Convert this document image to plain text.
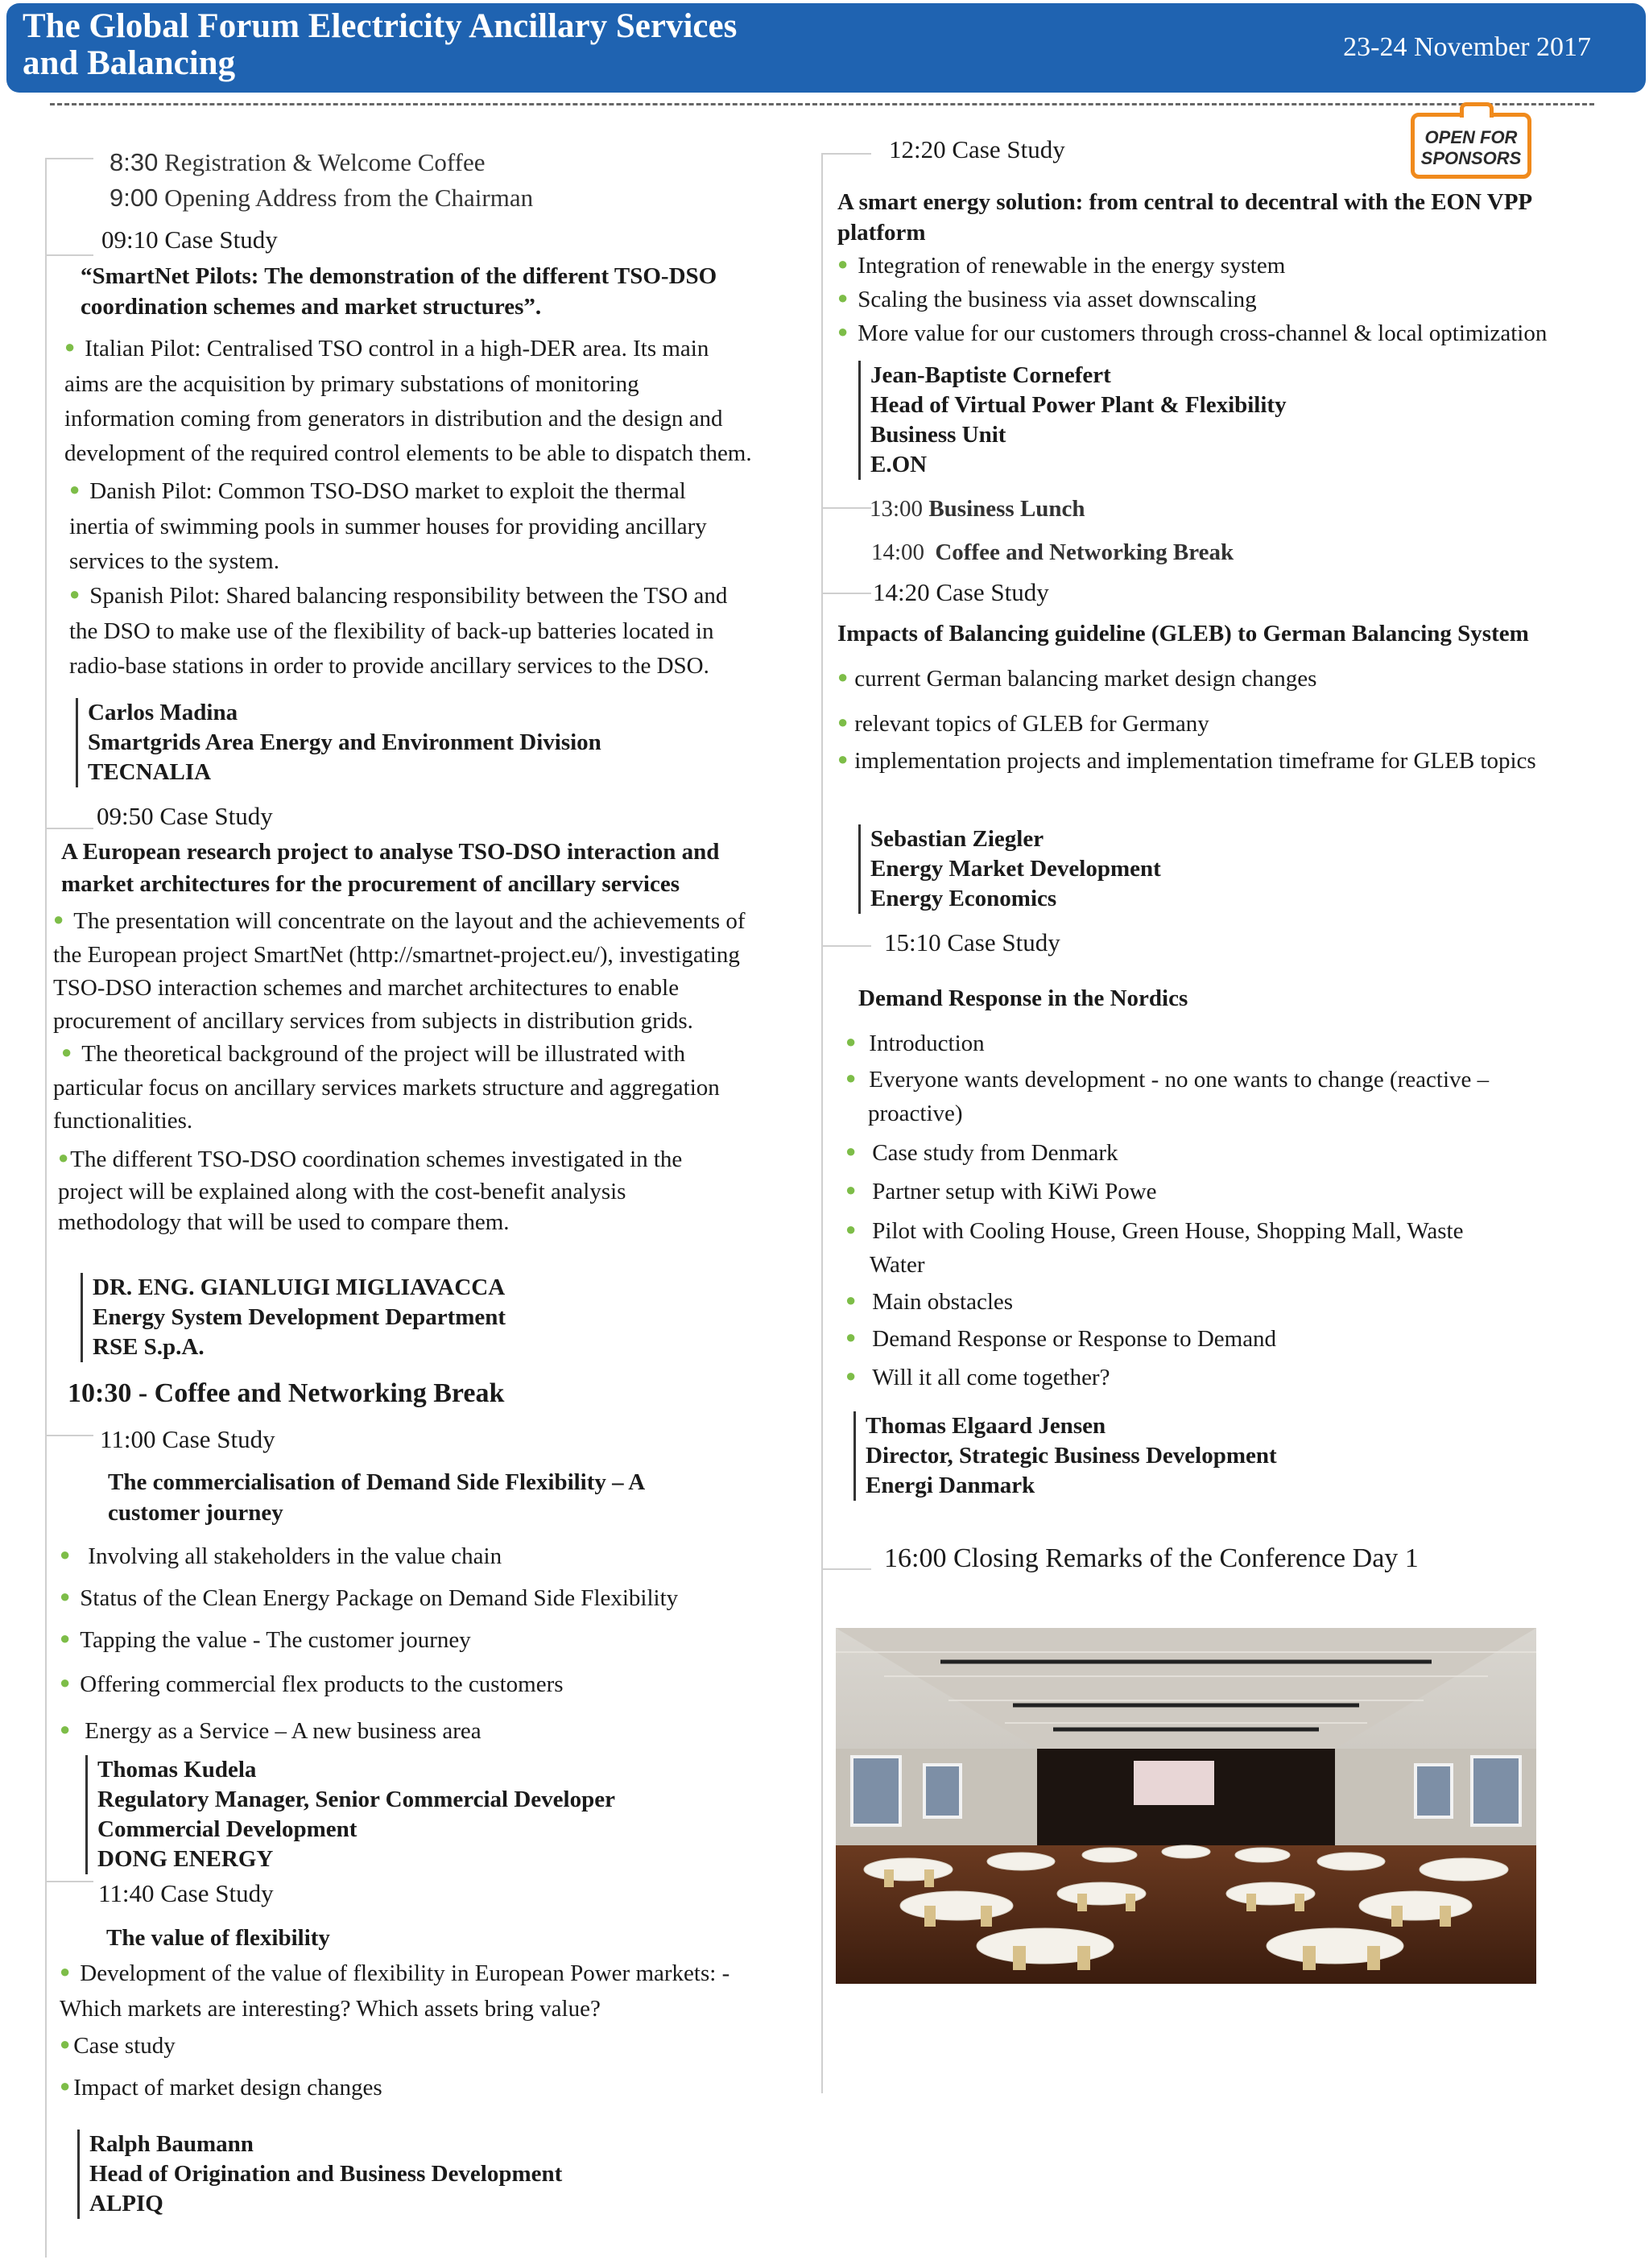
The Global Forum Electricity Ancillary Services
and Balancing	23-24 November 2017
OPEN FOR
SPONSORS
8:30 Registration & Welcome Coffee
9:00 Opening Address from the Chairman
09:10 Case Study
“SmartNet Pilots: The demonstration of the different TSO-DSO
coordination schemes and market structures”.
● Italian Pilot: Centralised TSO control in a high-DER area. Its main
aims are the acquisition by primary substations of monitoring
information coming from generators in distribution and the design and
development of the required control elements to be able to dispatch them.
● Danish Pilot: Common TSO-DSO market to exploit the thermal
inertia of swimming pools in summer houses for providing ancillary
services to the system.
● Spanish Pilot: Shared balancing responsibility between the TSO and
the DSO to make use of the flexibility of back-up batteries located in
radio-base stations in order to provide ancillary services to the DSO.
Carlos Madina
Smartgrids Area Energy and Environment Division
TECNALIA
09:50 Case Study
A European research project to analyse TSO-DSO interaction and
market architectures for the procurement of ancillary services
● The presentation will concentrate on the layout and the achievements of
the European project SmartNet (http://smartnet-project.eu/), investigating
TSO-DSO interaction schemes and marchet architectures to enable
procurement of ancillary services from subjects in distribution grids.
● The theoretical background of the project will be illustrated with
particular focus on ancillary services markets structure and aggregation
functionalities.
●The different TSO-DSO coordination schemes investigated in the
project will be explained along with the cost-benefit analysis
methodology that will be used to compare them.
DR. ENG. GIANLUIGI MIGLIAVACCA
Energy System Development Department
RSE S.p.A.
10:30 - Coffee and Networking Break
11:00 Case Study
The commercialisation of Demand Side Flexibility – A
customer journey
● Involving all stakeholders in the value chain
● Status of the Clean Energy Package on Demand Side Flexibility
● Tapping the value - The customer journey
● Offering commercial flex products to the customers
● Energy as a Service – A new business area
Thomas Kudela
Regulatory Manager, Senior Commercial Developer
Commercial Development
DONG ENERGY
11:40 Case Study
The value of flexibility
● Development of the value of flexibility in European Power markets: -
Which markets are interesting? Which assets bring value?
● Case study
● Impact of market design changes
Ralph Baumann
Head of Origination and Business Development
ALPIQ
12:20 Case Study
A smart energy solution: from central to decentral with the EON VPP
platform
● Integration of renewable in the energy system
● Scaling the business via asset downscaling
● More value for our customers through cross-channel & local optimization
Jean-Baptiste Cornefert
Head of Virtual Power Plant & Flexibility
Business Unit
E.ON
13:00 Business Lunch
14:00 Coffee and Networking Break
14:20 Case Study
Impacts of Balancing guideline (GLEB) to German Balancing System
● current German balancing market design changes
● relevant topics of GLEB for Germany
● implementation projects and implementation timeframe for GLEB topics
Sebastian Ziegler
Energy Market Development
Energy Economics
15:10 Case Study
Demand Response in the Nordics
● Introduction
● Everyone wants development - no one wants to change (reactive –
proactive)
● Case study from Denmark
● Partner setup with KiWi Powe
● Pilot with Cooling House, Green House, Shopping Mall, Waste
Water
● Main obstacles
● Demand Response or Response to Demand
● Will it all come together?
Thomas Elgaard Jensen
Director, Strategic Business Development
Energi Danmark
16:00 Closing Remarks of the Conference Day 1
